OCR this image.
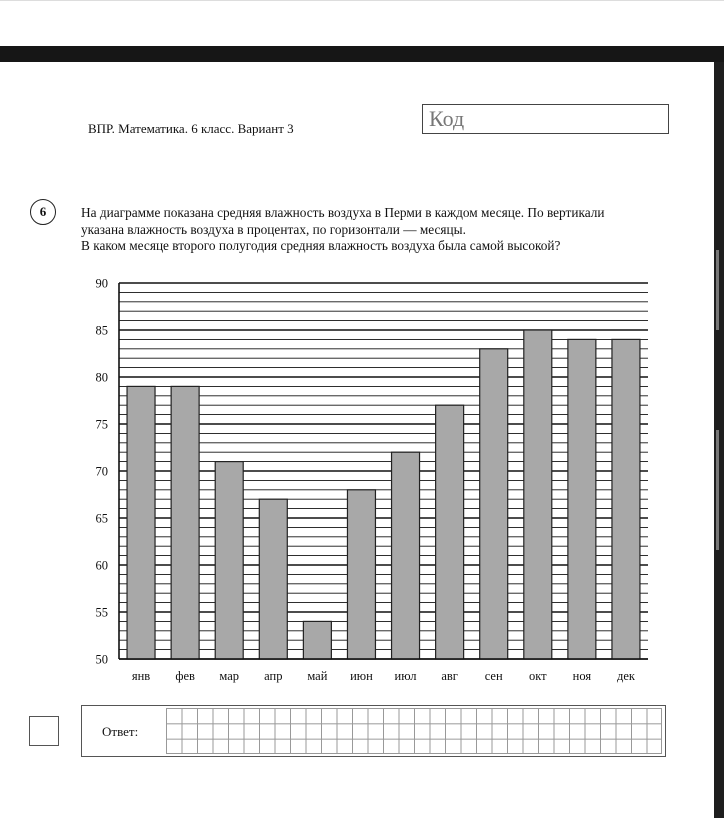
ВПР. Математика. 6 класс. Вариант 3	Код
6	На диаграмме показана средняя влажность воздуха в Перми в каждом месяце. По вертикали
указана влажность воздуха в процентах, по горизонтали — месяцы.
В каком месяце второго полугодия средняя влажность воздуха была самой высокой?
50
55
60
65
70
75
80
85
90
янв фев мар апр май июн июл авг сен окт ноя дек
Ответ:
